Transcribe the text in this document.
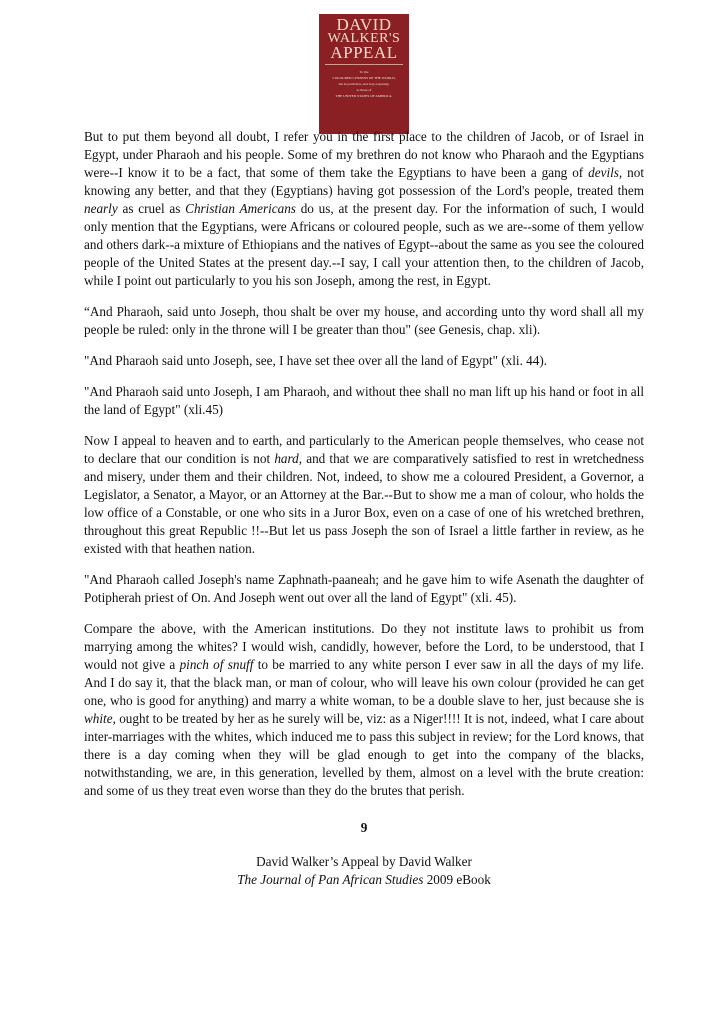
DAVID
WALKER'S
APPEAL
To the
COLOURED CITIZENS OF THE WORLD,
but in particular, and very expressly,
to those of
THE UNITED STATES OF AMERICA.

But to put them beyond all doubt, I refer you in the first place to the children of Jacob, or of Israel in Egypt, under Pharaoh and his people. Some of my brethren do not know who Pharaoh and the Egyptians were--I know it to be a fact, that some of them take the Egyptians to have been a gang of devils, not knowing any better, and that they (Egyptians) having got possession of the Lord's people, treated them nearly as cruel as Christian Americans do us, at the present day. For the information of such, I would only mention that the Egyptians, were Africans or coloured people, such as we are--some of them yellow and others dark--a mixture of Ethiopians and the natives of Egypt--about the same as you see the coloured people of the United States at the present day.--I say, I call your attention then, to the children of Jacob, while I point out particularly to you his son Joseph, among the rest, in Egypt.

“And Pharaoh, said unto Joseph, thou shalt be over my house, and according unto thy word shall all my people be ruled: only in the throne will I be greater than thou" (see Genesis, chap. xli).

"And Pharaoh said unto Joseph, see, I have set thee over all the land of Egypt" (xli. 44).

"And Pharaoh said unto Joseph, I am Pharaoh, and without thee shall no man lift up his hand or foot in all the land of Egypt" (xli.45)

Now I appeal to heaven and to earth, and particularly to the American people themselves, who cease not to declare that our condition is not hard, and that we are comparatively satisfied to rest in wretchedness and misery, under them and their children. Not, indeed, to show me a coloured President, a Governor, a Legislator, a Senator, a Mayor, or an Attorney at the Bar.--But to show me a man of colour, who holds the low office of a Constable, or one who sits in a Juror Box, even on a case of one of his wretched brethren, throughout this great Republic !!--But let us pass Joseph the son of Israel a little farther in review, as he existed with that heathen nation.

"And Pharaoh called Joseph's name Zaphnath-paaneah; and he gave him to wife Asenath the daughter of Potipherah priest of On. And Joseph went out over all the land of Egypt" (xli. 45).

Compare the above, with the American institutions. Do they not institute laws to prohibit us from marrying among the whites? I would wish, candidly, however, before the Lord, to be understood, that I would not give a pinch of snuff to be married to any white person I ever saw in all the days of my life. And I do say it, that the black man, or man of colour, who will leave his own colour (provided he can get one, who is good for anything) and marry a white woman, to be a double slave to her, just because she is white, ought to be treated by her as he surely will be, viz: as a Niger!!!! It is not, indeed, what I care about inter-marriages with the whites, which induced me to pass this subject in review; for the Lord knows, that there is a day coming when they will be glad enough to get into the company of the blacks, notwithstanding, we are, in this generation, levelled by them, almost on a level with the brute creation: and some of us they treat even worse than they do the brutes that perish.

9
David Walker’s Appeal by David Walker
The Journal of Pan African Studies 2009 eBook
